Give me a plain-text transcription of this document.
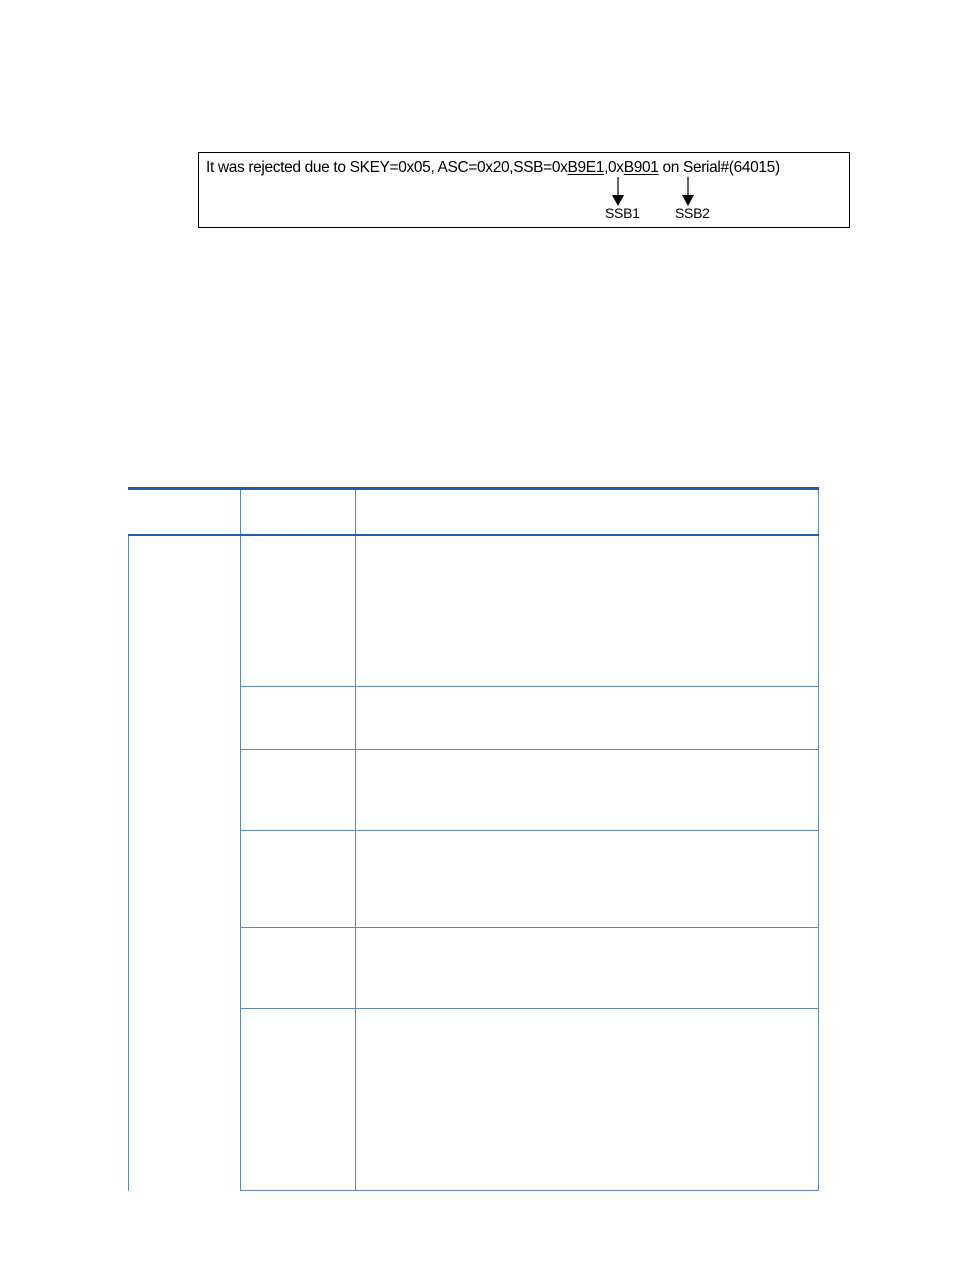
It was rejected due to SKEY=0x05, ASC=0x20,SSB=0xB9E1,0xB901 on Serial#(64015)
SSB1	SSB2
